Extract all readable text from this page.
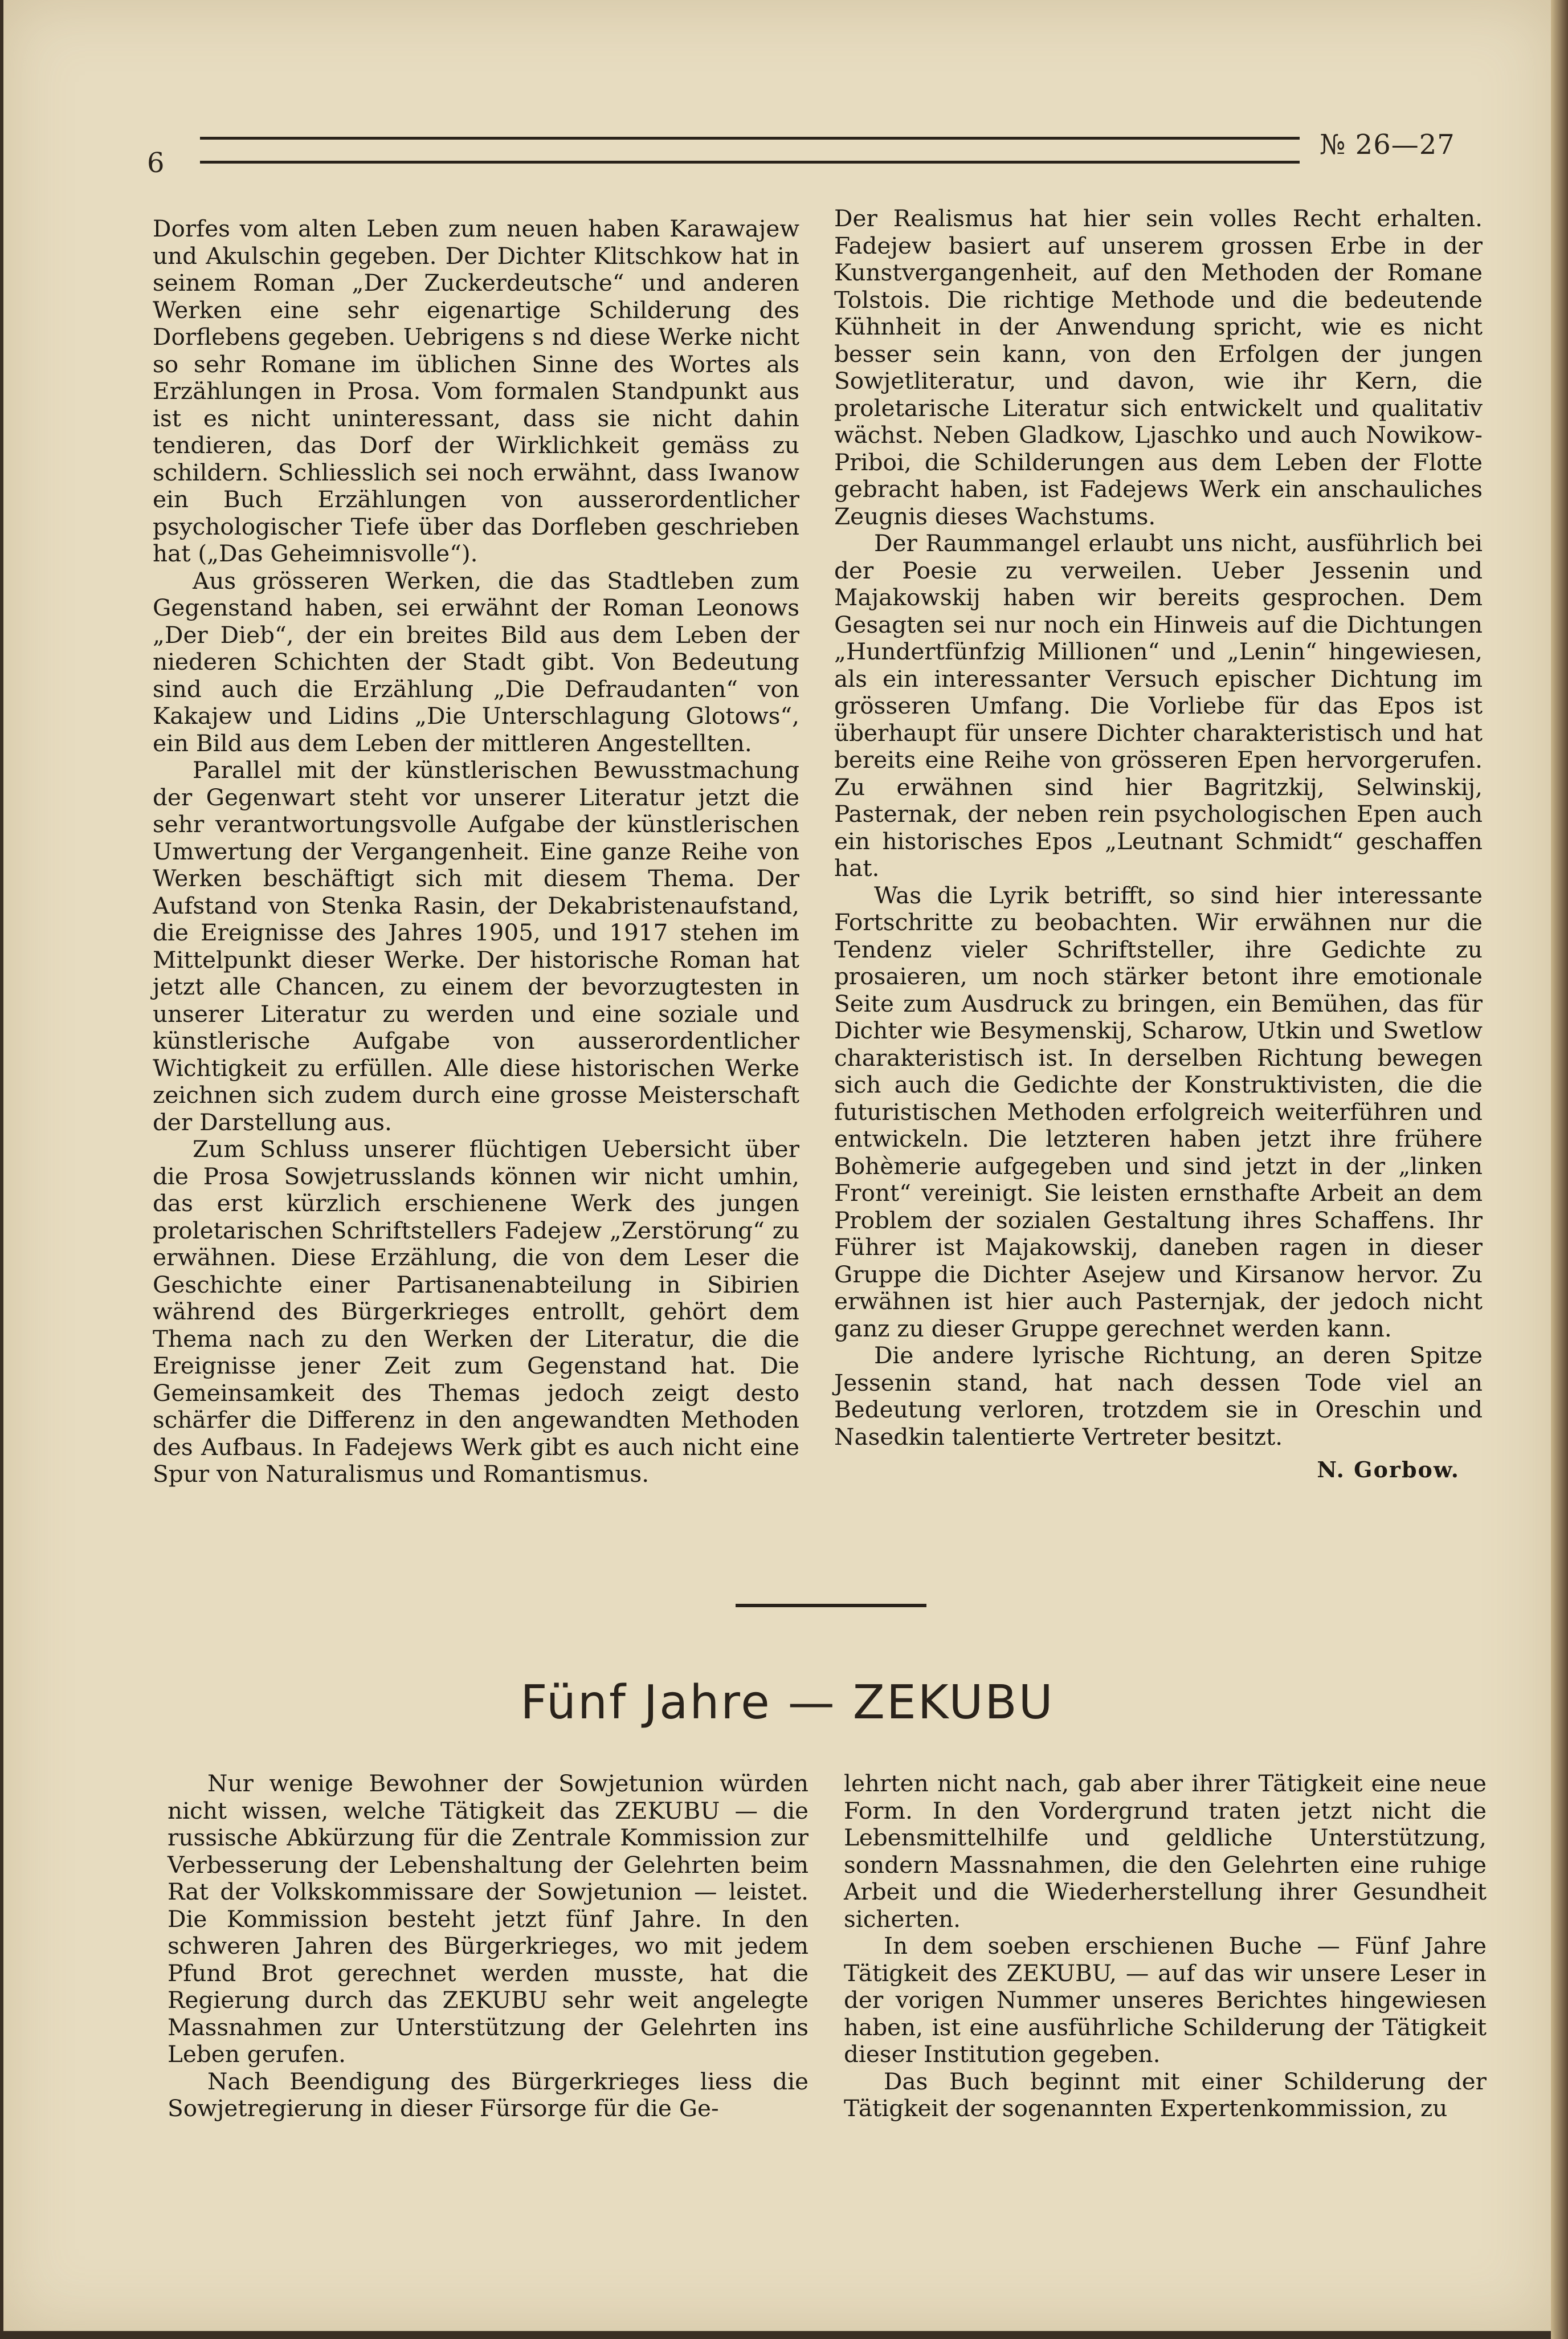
6
№ 26—27

Dorfes vom alten Leben zum neuen haben Karawajew und Akulschin gegeben. Der Dichter Klitschkow hat in seinem Roman „Der Zuckerdeutsche“ und anderen Werken eine sehr eigenartige Schilderung des Dorflebens gegeben. Uebrigens s nd diese Werke nicht so sehr Romane im üblichen Sinne des Wortes als Erzählungen in Prosa. Vom formalen Standpunkt aus ist es nicht uninteressant, dass sie nicht dahin tendieren, das Dorf der Wirklichkeit gemäss zu schildern. Schliesslich sei noch erwähnt, dass Iwanow ein Buch Erzählungen von ausserordentlicher psychologischer Tiefe über das Dorfleben geschrieben hat („Das Geheimnisvolle“).

Aus grösseren Werken, die das Stadtleben zum Gegenstand haben, sei erwähnt der Roman Leonows „Der Dieb“, der ein breites Bild aus dem Leben der niederen Schichten der Stadt gibt. Von Bedeutung sind auch die Erzählung „Die Defraudanten“ von Kakajew und Lidins „Die Unterschlagung Glotows“, ein Bild aus dem Leben der mittleren Angestellten.

Parallel mit der künstlerischen Bewusstmachung der Gegenwart steht vor unserer Literatur jetzt die sehr verantwortungsvolle Aufgabe der künstlerischen Umwertung der Vergangenheit. Eine ganze Reihe von Werken beschäftigt sich mit diesem Thema. Der Aufstand von Stenka Rasin, der Dekabristenaufstand, die Ereignisse des Jahres 1905, und 1917 stehen im Mittelpunkt dieser Werke. Der historische Roman hat jetzt alle Chancen, zu einem der bevorzugtesten in unserer Literatur zu werden und eine soziale und künstlerische Aufgabe von ausserordentlicher Wichtigkeit zu erfüllen. Alle diese historischen Werke zeichnen sich zudem durch eine grosse Meisterschaft der Darstellung aus.

Zum Schluss unserer flüchtigen Uebersicht über die Prosa Sowjetrusslands können wir nicht umhin, das erst kürzlich erschienene Werk des jungen proletarischen Schriftstellers Fadejew „Zerstörung“ zu erwähnen. Diese Erzählung, die von dem Leser die Geschichte einer Partisanenabteilung in Sibirien während des Bürgerkrieges entrollt, gehört dem Thema nach zu den Werken der Literatur, die die Ereignisse jener Zeit zum Gegenstand hat. Die Gemeinsamkeit des Themas jedoch zeigt desto schärfer die Differenz in den angewandten Methoden des Aufbaus. In Fadejews Werk gibt es auch nicht eine Spur von Naturalismus und Romantismus.

Der Realismus hat hier sein volles Recht erhalten. Fadejew basiert auf unserem grossen Erbe in der Kunstvergangenheit, auf den Methoden der Romane Tolstois. Die richtige Methode und die bedeutende Kühnheit in der Anwendung spricht, wie es nicht besser sein kann, von den Erfolgen der jungen Sowjetliteratur, und davon, wie ihr Kern, die proletarische Literatur sich entwickelt und qualitativ wächst. Neben Gladkow, Ljaschko und auch Nowikow-Priboi, die Schilderungen aus dem Leben der Flotte gebracht haben, ist Fadejews Werk ein anschauliches Zeugnis dieses Wachstums.

Der Raummangel erlaubt uns nicht, ausführlich bei der Poesie zu verweilen. Ueber Jessenin und Majakowskij haben wir bereits gesprochen. Dem Gesagten sei nur noch ein Hinweis auf die Dichtungen „Hundertfünfzig Millionen“ und „Lenin“ hingewiesen, als ein interessanter Versuch epischer Dichtung im grösseren Umfang. Die Vorliebe für das Epos ist überhaupt für unsere Dichter charakteristisch und hat bereits eine Reihe von grösseren Epen hervorgerufen. Zu erwähnen sind hier Bagritzkij, Selwinskij, Pasternak, der neben rein psychologischen Epen auch ein historisches Epos „Leutnant Schmidt“ geschaffen hat.

Was die Lyrik betrifft, so sind hier interessante Fortschritte zu beobachten. Wir erwähnen nur die Tendenz vieler Schriftsteller, ihre Gedichte zu prosaieren, um noch stärker betont ihre emotionale Seite zum Ausdruck zu bringen, ein Bemühen, das für Dichter wie Besymenskij, Scharow, Utkin und Swetlow charakteristisch ist. In derselben Richtung bewegen sich auch die Gedichte der Konstruktivisten, die die futuristischen Methoden erfolgreich weiterführen und entwickeln. Die letzteren haben jetzt ihre frühere Bohèmerie aufgegeben und sind jetzt in der „linken Front“ vereinigt. Sie leisten ernsthafte Arbeit an dem Problem der sozialen Gestaltung ihres Schaffens. Ihr Führer ist Majakowskij, daneben ragen in dieser Gruppe die Dichter Asejew und Kirsanow hervor. Zu erwähnen ist hier auch Pasternjak, der jedoch nicht ganz zu dieser Gruppe gerechnet werden kann.

Die andere lyrische Richtung, an deren Spitze Jessenin stand, hat nach dessen Tode viel an Bedeutung verloren, trotzdem sie in Oreschin und Nasedkin talentierte Vertreter besitzt.

N. Gorbow.
Fünf Jahre — ZEKUBU

Nur wenige Bewohner der Sowjetunion würden nicht wissen, welche Tätigkeit das ZEKUBU — die russische Abkürzung für die Zentrale Kommission zur Verbesserung der Lebenshaltung der Gelehrten beim Rat der Volkskommissare der Sowjetunion — leistet. Die Kommission besteht jetzt fünf Jahre. In den schweren Jahren des Bürgerkrieges, wo mit jedem Pfund Brot gerechnet werden musste, hat die Regierung durch das ZEKUBU sehr weit angelegte Massnahmen zur Unterstützung der Gelehrten ins Leben gerufen.

Nach Beendigung des Bürgerkrieges liess die Sowjetregierung in dieser Fürsorge für die Ge-

lehrten nicht nach, gab aber ihrer Tätigkeit eine neue Form. In den Vordergrund traten jetzt nicht die Lebensmittelhilfe und geldliche Unterstützung, sondern Massnahmen, die den Gelehrten eine ruhige Arbeit und die Wiederherstellung ihrer Gesundheit sicherten.

In dem soeben erschienen Buche — Fünf Jahre Tätigkeit des ZEKUBU, — auf das wir unsere Leser in der vorigen Nummer unseres Berichtes hingewiesen haben, ist eine ausführliche Schilderung der Tätigkeit dieser Institution gegeben.

Das Buch beginnt mit einer Schilderung der Tätigkeit der sogenannten Expertenkommission, zu
